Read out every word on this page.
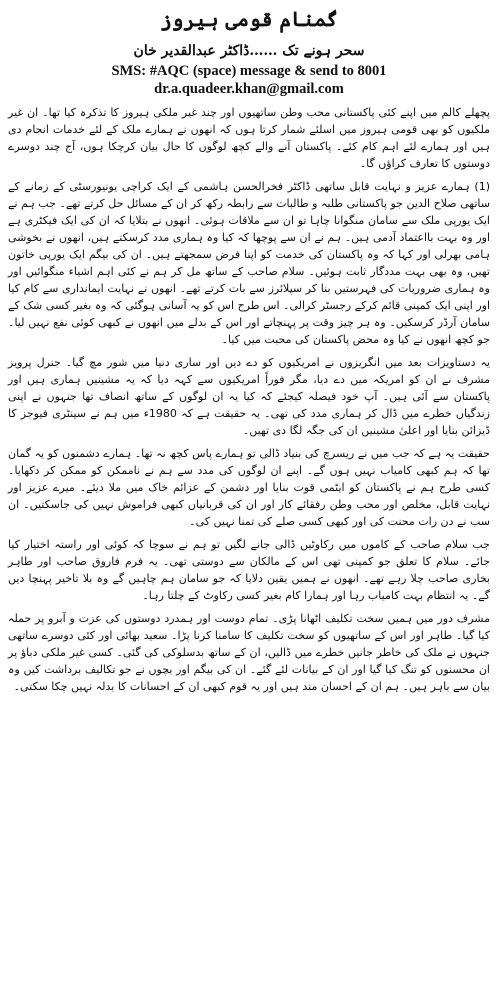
گمنام قومی ہیروز
سحر ہونے تک ……ڈاکٹر عبدالقدیر خان
SMS: #AQC (space) message & send to 8001
dr.a.quadeer.khan@gmail.com

پچھلے کالم میں اپنے کئی پاکستانی محب وطن ساتھیوں اور چند غیر ملکی ہیروز کا تذکرہ کیا تھا۔ ان غیر ملکیوں کو بھی قومی ہیروز میں اسلئے شمار کرتا ہوں کہ انھوں نے ہمارے ملک کے لئے خدمات انجام دی ہیں اور ہمارے لئے اہم کام کئے۔ پاکستان آنے والے کچھ لوگوں کا حال بیان کرچکا ہوں، آج چند دوسرے دوستوں کا تعارف کراؤں گا۔

(1) ہمارے عزیز و نہایت قابل ساتھی ڈاکٹر فخرالحسن ہاشمی کے ایک کراچی یونیورسٹی کے زمانے کے ساتھی صلاح الدین جو پاکستانی طلبہ و طالبات سے رابطہ رکھ کر ان کے مسائل حل کرتے تھے۔ جب ہم نے ایک یورپی ملک سے سامان منگوانا چاہا تو ان سے ملاقات ہوئی۔ انھوں نے بتلایا کہ ان کی ایک فیکٹری ہے اور وہ بہت بااعتماد آدمی ہیں۔ ہم نے ان سے پوچھا کہ کیا وہ ہماری مدد کرسکتے ہیں، انھوں نے بخوشی ہامی بھرلی اور کہا کہ وہ پاکستان کی خدمت کو اپنا فرض سمجھتے ہیں۔ ان کی بیگم ایک یورپی خاتون تھیں، وہ بھی بہت مددگار ثابت ہوئیں۔ سلام صاحب کے ساتھ مل کر ہم نے کئی اہم اشیاء منگوائیں اور وہ ہماری ضروریات کی فہرستیں بنا کر سپلائرز سے بات کرتے تھے۔ انھوں نے نہایت ایمانداری سے کام کیا اور اپنی ایک کمپنی قائم کرکے رجسٹر کرالی۔ اس طرح اس کو یہ آسانی ہوگئی کہ وہ بغیر کسی شک کے سامان آرڈر کرسکیں۔ وہ ہر چیز وقت پر پہنچاتے اور اس کے بدلے میں انھوں نے کبھی کوئی نفع نہیں لیا۔ جو کچھ انھوں نے کیا وہ محض پاکستان کی محبت میں کیا۔

یہ دستاویزات بعد میں انگریزوں نے امریکیوں کو دے دیں اور ساری دنیا میں شور مچ گیا۔ جنرل پرویز مشرف نے ان کو امریکہ میں دے دیا، مگر فوراً امریکیوں سے کہہ دیا کہ یہ مشینیں ہماری ہیں اور پاکستان سے آئی ہیں۔ آپ خود فیصلہ کیجئے کہ کیا یہ ان لوگوں کے ساتھ انصاف تھا جنہوں نے اپنی زندگیاں خطرے میں ڈال کر ہماری مدد کی تھی۔ یہ حقیقت ہے کہ 1980ء میں ہم نے سینٹری فیوجز کا ڈیزائن بنایا اور اعلیٰ مشینیں ان کی جگہ لگا دی تھیں۔

حقیقت یہ ہے کہ جب میں نے ریسرچ کی بنیاد ڈالی تو ہمارے پاس کچھ نہ تھا۔ ہمارے دشمنوں کو یہ گمان تھا کہ ہم کبھی کامیاب نہیں ہوں گے۔ اپنے ان لوگوں کی مدد سے ہم نے ناممکن کو ممکن کر دکھایا۔ کسی طرح ہم نے پاکستان کو ایٹمی قوت بنایا اور دشمن کے عزائم خاک میں ملا دیئے۔ میرے عزیز اور نہایت قابل، مخلص اور محب وطن رفقائے کار اور ان کی قربانیاں کبھی فراموش نہیں کی جاسکتیں۔ ان سب نے دن رات محنت کی اور کبھی کسی صلے کی تمنا نہیں کی۔

جب سلام صاحب کے کاموں میں رکاوٹیں ڈالی جانے لگیں تو ہم نے سوچا کہ کوئی اور راستہ اختیار کیا جائے۔ سلام کا تعلق جو کمپنی تھی اس کے مالکان سے دوستی تھی۔ یہ فرم فاروق صاحب اور طاہر بخاری صاحب چلا رہے تھے۔ انھوں نے ہمیں یقین دلایا کہ جو سامان ہم چاہیں گے وہ بلا تاخیر پہنچا دیں گے۔ یہ انتظام بہت کامیاب رہا اور ہمارا کام بغیر کسی رکاوٹ کے چلتا رہا۔

مشرف دور میں ہمیں سخت تکلیف اٹھانا پڑی۔ تمام دوست اور ہمدرد دوستوں کی عزت و آبرو پر حملہ کیا گیا۔ طاہر اور اس کے ساتھیوں کو سخت تکلیف کا سامنا کرنا پڑا۔ سعید بھائی اور کئی دوسرے ساتھی جنہوں نے ملک کی خاطر جانیں خطرے میں ڈالیں، ان کے ساتھ بدسلوکی کی گئی۔ کسی غیر ملکی دباؤ پر ان محسنوں کو تنگ کیا گیا اور ان کے بیانات لئے گئے۔ ان کی بیگم اور بچوں نے جو تکالیف برداشت کیں وہ بیان سے باہر ہیں۔ ہم ان کے احسان مند ہیں اور یہ قوم کبھی ان کے احسانات کا بدلہ نہیں چکا سکتی۔
